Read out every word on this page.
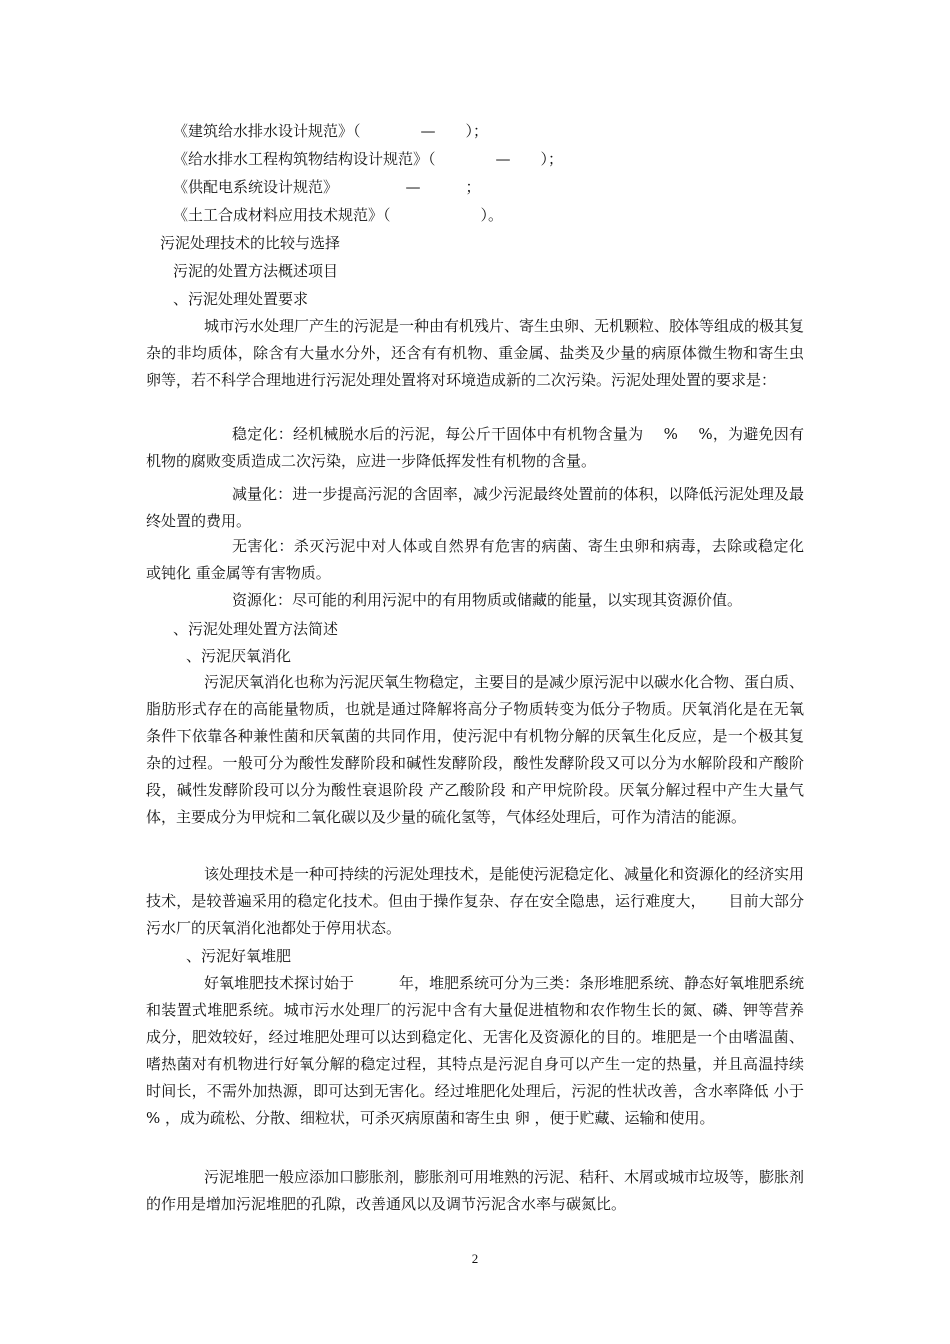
《建筑给水排水设计规范》（　　　　—　　）；
《给水排水工程构筑物结构设计规范》（　　　　—　　）；
《供配电系统设计规范》　　　　　—　　　；
《土工合成材料应用技术规范》（　　　　　　）。
污泥处理技术的比较与选择
污泥的处置方法概述项目
、污泥处理处置要求
城市污水处理厂产生的污泥是一种由有机残片、寄生虫卵、无机颗粒、胶体等组成的极其复杂的非均质体，除含有大量水分外，还含有有机物、重金属、盐类及少量的病原体微生物和寄生虫卵等，若不科学合理地进行污泥处理处置将对环境造成新的二次污染。污泥处理处置的要求是：
稳定化：经机械脱水后的污泥，每公斤干固体中有机物含量为　 %　 %，为避免因有机物的腐败变质造成二次污染，应进一步降低挥发性有机物的含量。
减量化：进一步提高污泥的含固率，减少污泥最终处置前的体积，以降低污泥处理及最终处置的费用。
无害化：杀灭污泥中对人体或自然界有危害的病菌、寄生虫卵和病毒，去除或稳定化 或钝化 重金属等有害物质。
资源化：尽可能的利用污泥中的有用物质或储藏的能量，以实现其资源价值。
、污泥处理处置方法简述
、污泥厌氧消化
污泥厌氧消化也称为污泥厌氧生物稳定，主要目的是减少原污泥中以碳水化合物、蛋白质、脂肪形式存在的高能量物质，也就是通过降解将高分子物质转变为低分子物质。厌氧消化是在无氧条件下依靠各种兼性菌和厌氧菌的共同作用，使污泥中有机物分解的厌氧生化反应，是一个极其复杂的过程。一般可分为酸性发酵阶段和碱性发酵阶段，酸性发酵阶段又可以分为水解阶段和产酸阶段，碱性发酵阶段可以分为酸性衰退阶段 产乙酸阶段 和产甲烷阶段。厌氧分解过程中产生大量气体，主要成分为甲烷和二氧化碳以及少量的硫化氢等，气体经处理后，可作为清洁的能源。
该处理技术是一种可持续的污泥处理技术，是能使污泥稳定化、减量化和资源化的经济实用技术，是较普遍采用的稳定化技术。但由于操作复杂、存在安全隐患，运行难度大，　　目前大部分污水厂的厌氧消化池都处于停用状态。
、污泥好氧堆肥
好氧堆肥技术探讨始于　　　年，堆肥系统可分为三类：条形堆肥系统、静态好氧堆肥系统和装置式堆肥系统。城市污水处理厂的污泥中含有大量促进植物和农作物生长的氮、磷、钾等营养成分，肥效较好，经过堆肥处理可以达到稳定化、无害化及资源化的目的。堆肥是一个由嗜温菌、嗜热菌对有机物进行好氧分解的稳定过程，其特点是污泥自身可以产生一定的热量，并且高温持续时间长，不需外加热源，即可达到无害化。经过堆肥化处理后，污泥的性状改善，含水率降低 小于　 % ，成为疏松、分散、细粒状，可杀灭病原菌和寄生虫 卵 ，便于贮藏、运输和使用。
污泥堆肥一般应添加口膨胀剂，膨胀剂可用堆熟的污泥、秸秆、木屑或城市垃圾等，膨胀剂的作用是增加污泥堆肥的孔隙，改善通风以及调节污泥含水率与碳氮比。
2
